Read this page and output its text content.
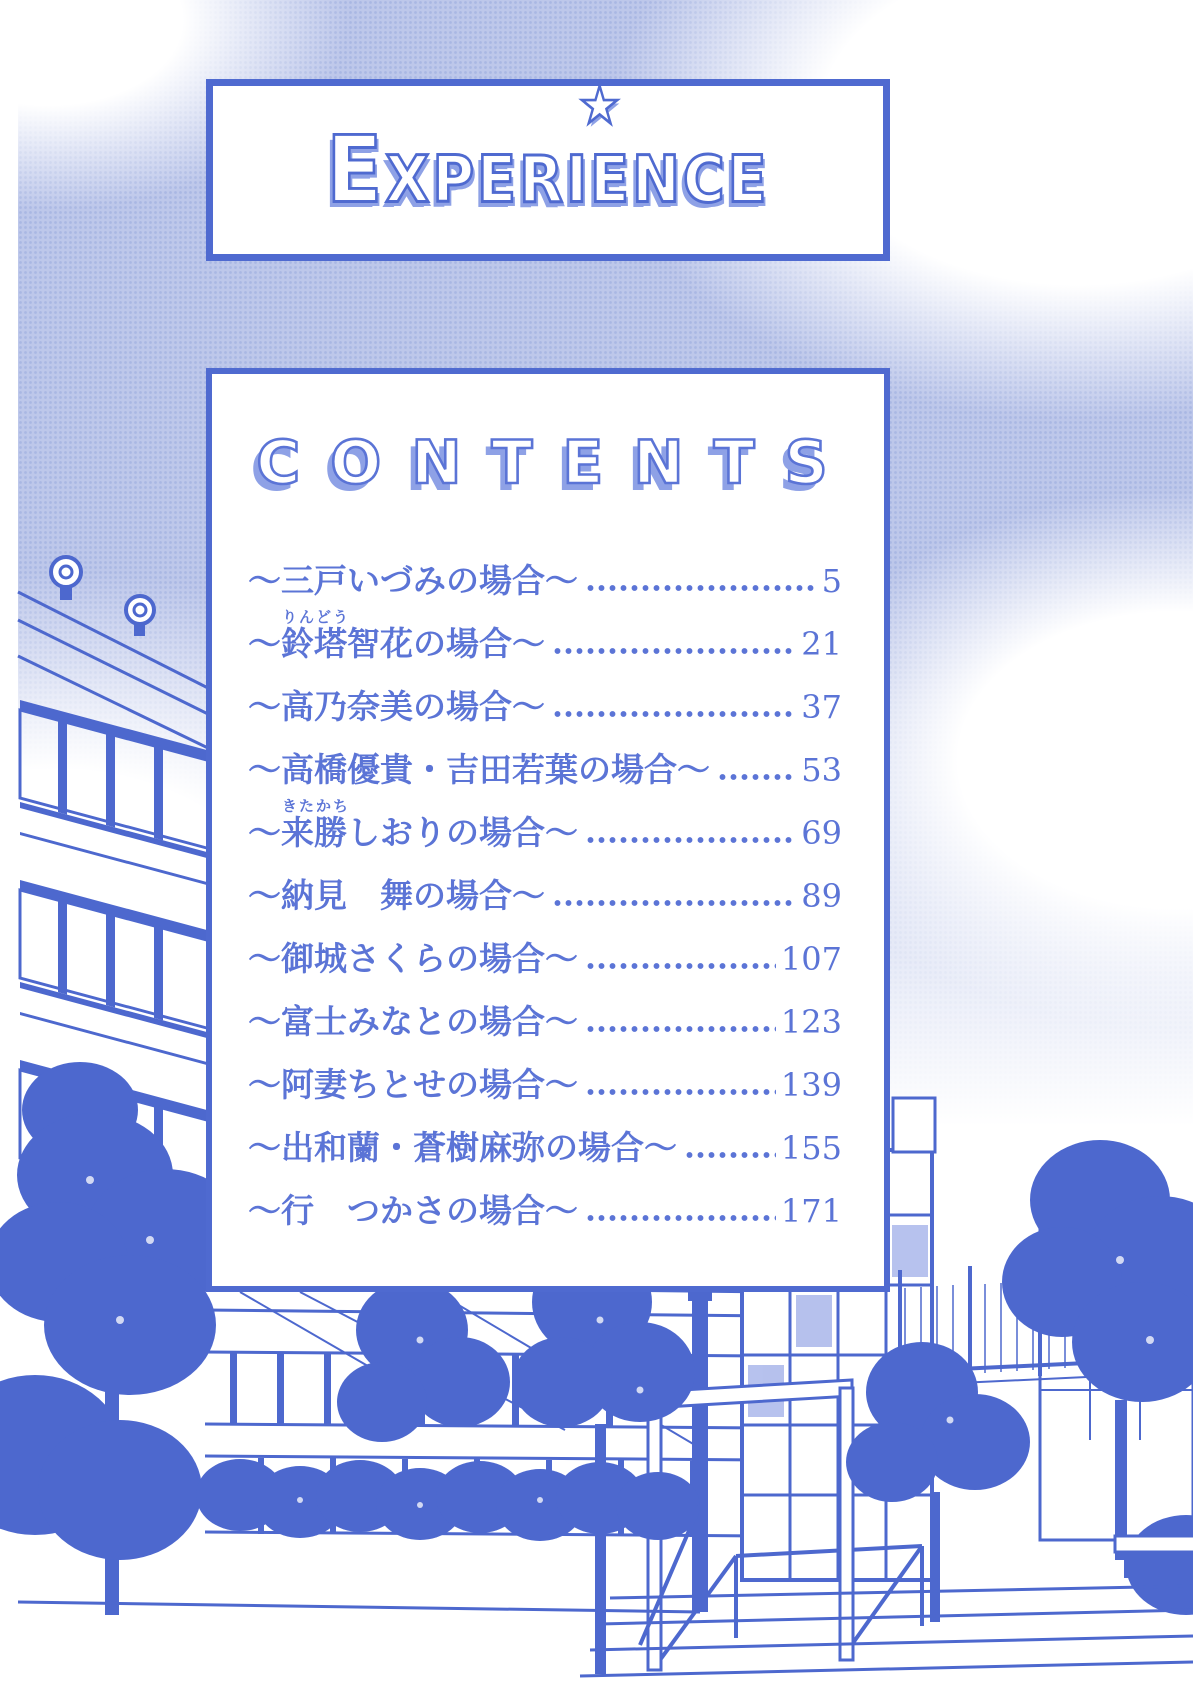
★
Experience
CONTENTS
〜三戸いづみの場合〜	5
りんどう
〜鈴塔智花の場合〜	21
〜高乃奈美の場合〜	37
〜高橋優貴・吉田若葉の場合〜	53
きたかち
〜来勝しおりの場合〜	69
〜納見　舞の場合〜	89
〜御城さくらの場合〜	107
〜富士みなとの場合〜	123
〜阿妻ちとせの場合〜	139
〜出和蘭・蒼樹麻弥の場合〜	155
〜行　つかさの場合〜	171
